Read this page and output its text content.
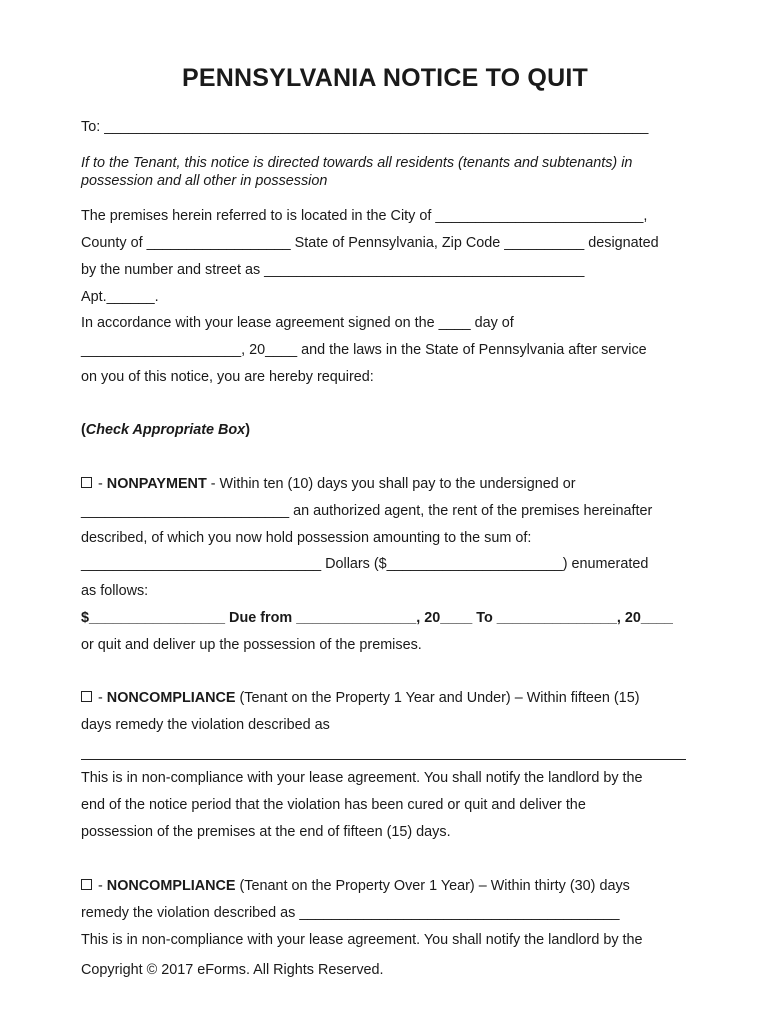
PENNSYLVANIA NOTICE TO QUIT
To: ____________________________________________________________________
If to the Tenant, this notice is directed towards all residents (tenants and subtenants) in
possession and all other in possession
The premises herein referred to is located in the City of __________________________,
County of __________________ State of Pennsylvania, Zip Code __________ designated
by the number and street as ________________________________________
Apt.______.
In accordance with your lease agreement signed on the ____ day of
____________________, 20____ and the laws in the State of Pennsylvania after service
on you of this notice, you are hereby required:
(Check Appropriate Box)
- NONPAYMENT - Within ten (10) days you shall pay to the undersigned or
__________________________ an authorized agent, the rent of the premises hereinafter
described, of which you now hold possession amounting to the sum of:
______________________________ Dollars ($______________________) enumerated
as follows:
$_________________ Due from _______________, 20____ To _______________, 20____
or quit and deliver up the possession of the premises.
- NONCOMPLIANCE (Tenant on the Property 1 Year and Under) – Within fifteen (15)
days remedy the violation described as
This is in non-compliance with your lease agreement. You shall notify the landlord by the
end of the notice period that the violation has been cured or quit and deliver the
possession of the premises at the end of fifteen (15) days.
- NONCOMPLIANCE (Tenant on the Property Over 1 Year) – Within thirty (30) days
remedy the violation described as ________________________________________
This is in non-compliance with your lease agreement. You shall notify the landlord by the
Copyright © 2017 eForms. All Rights Reserved.
